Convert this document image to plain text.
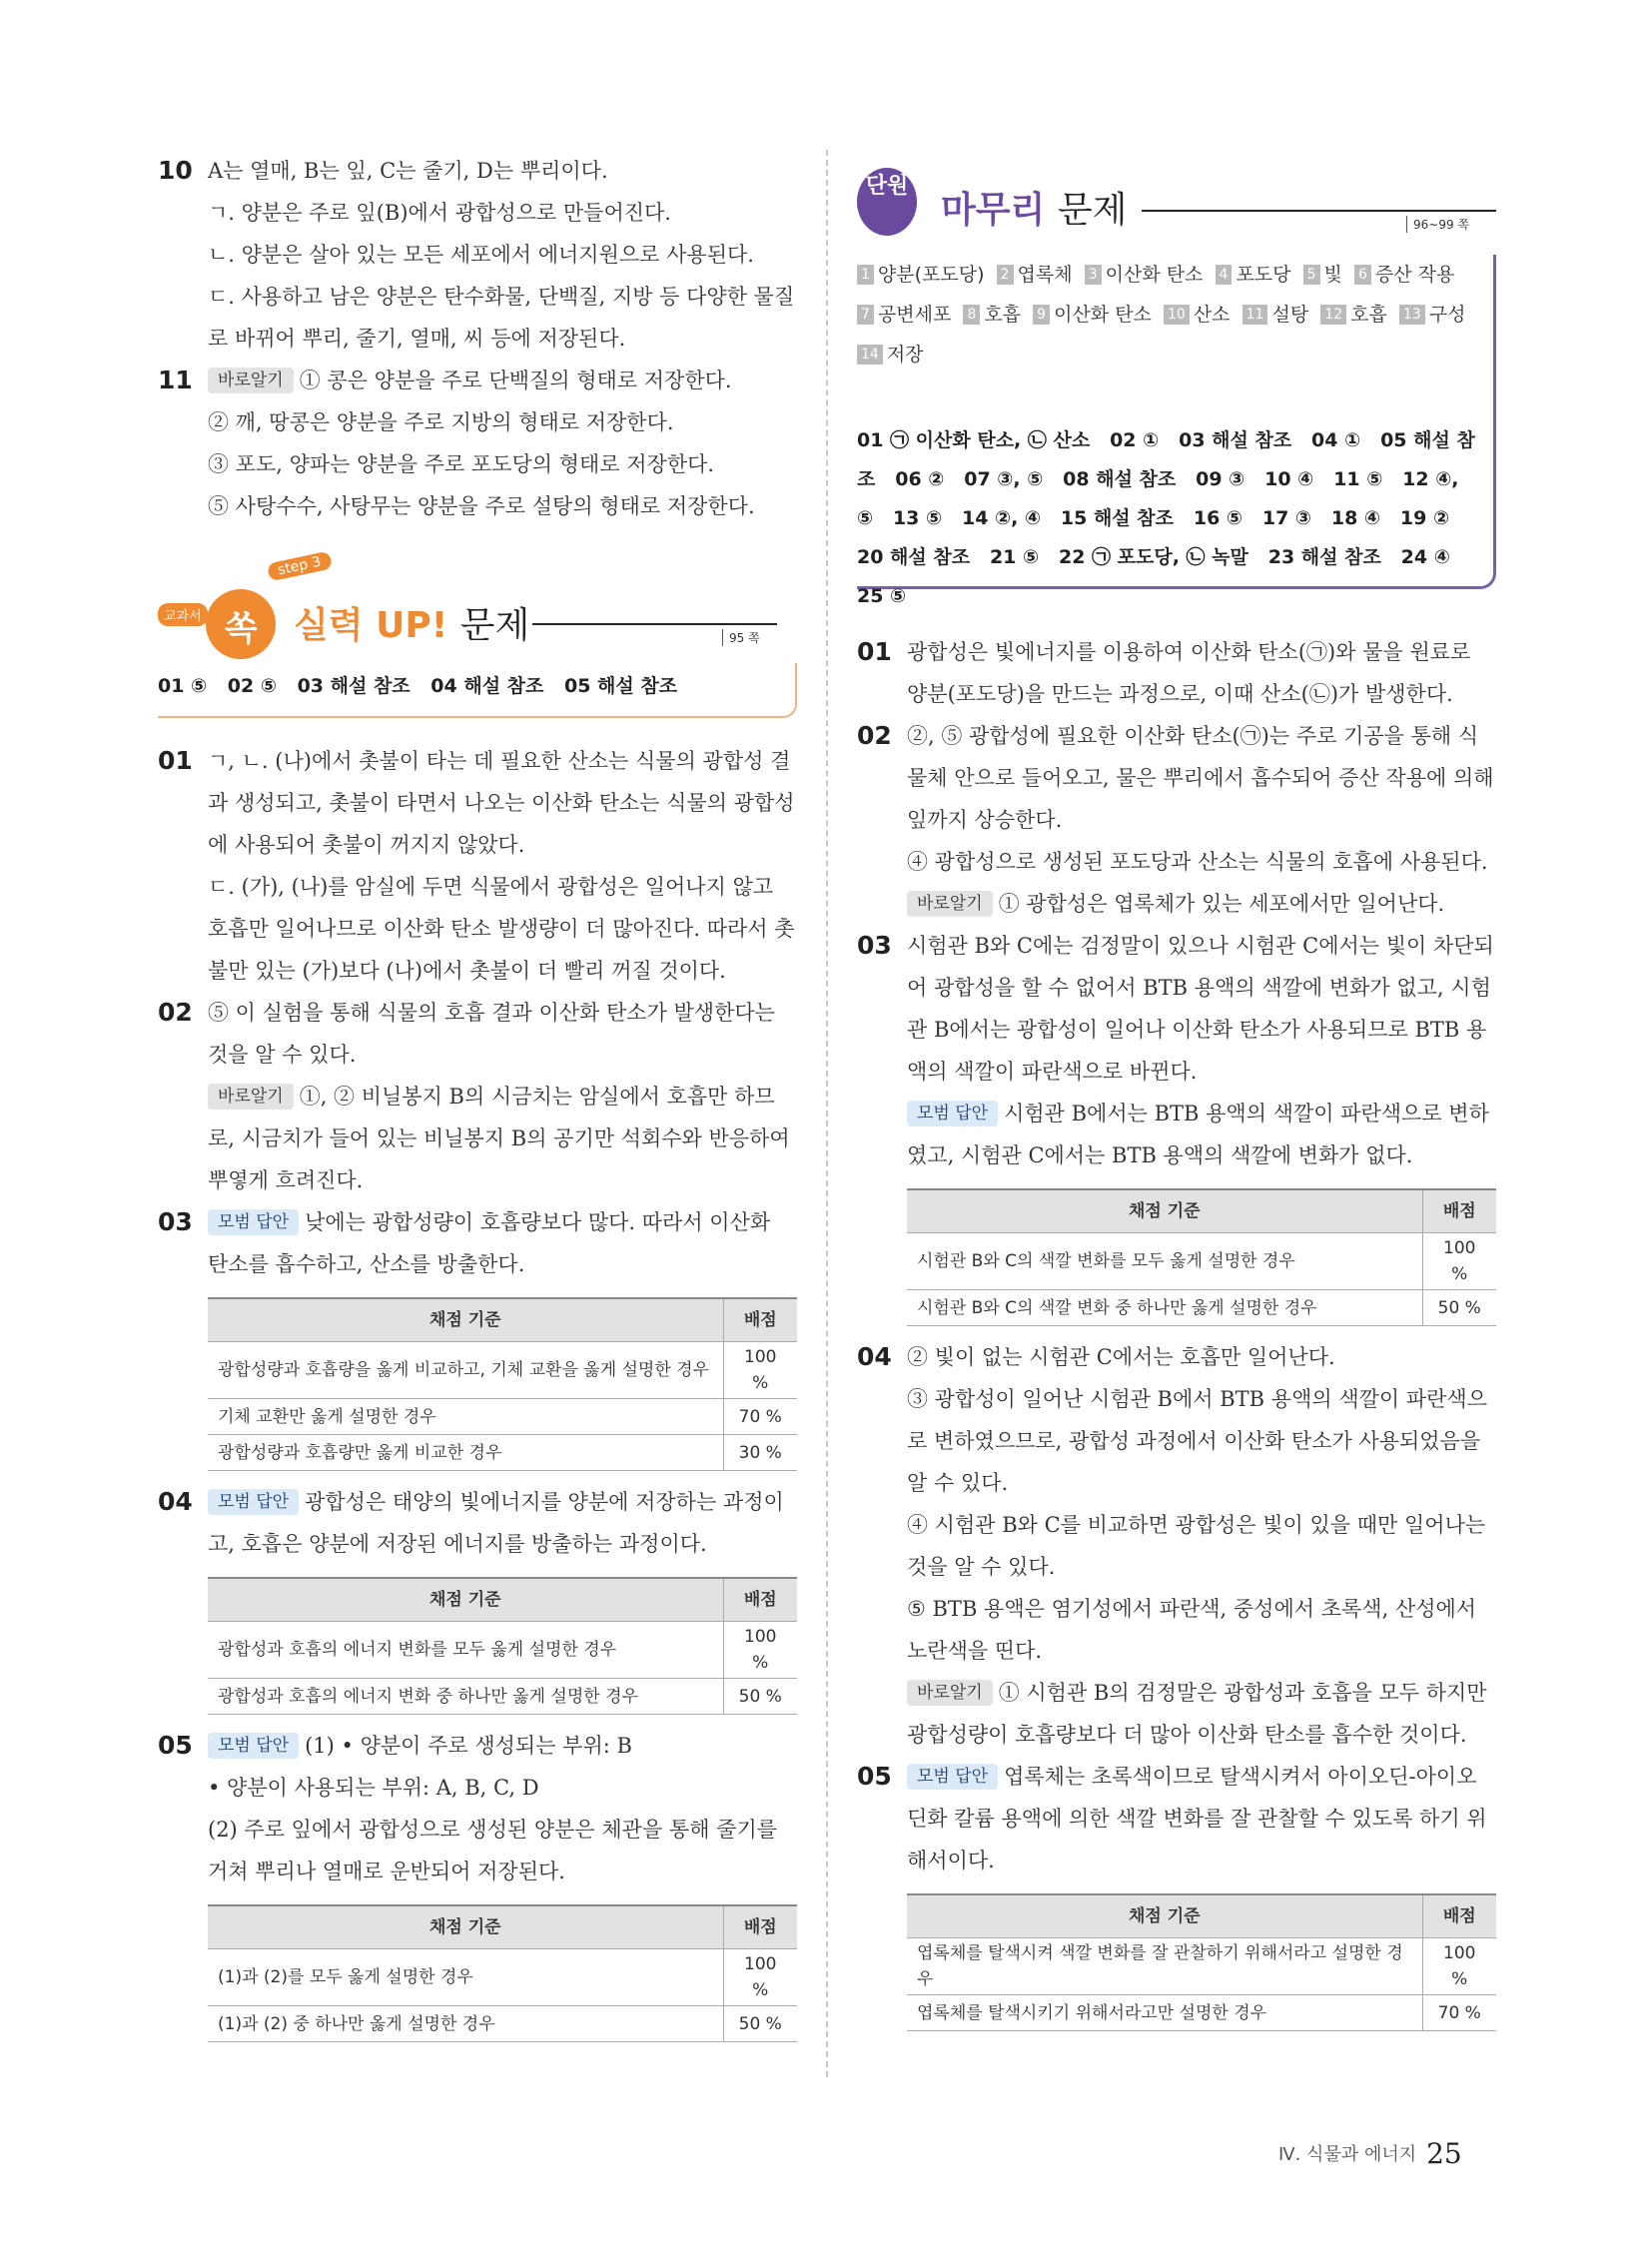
10 A는 열매, B는 잎, C는 줄기, D는 뿌리이다.

ㄱ. 양분은 주로 잎(B)에서 광합성으로 만들어진다.

ㄴ. 양분은 살아 있는 모든 세포에서 에너지원으로 사용된다.

ㄷ. 사용하고 남은 양분은 탄수화물, 단백질, 지방 등 다양한 물질로 바뀌어 뿌리, 줄기, 열매, 씨 등에 저장된다.

11	바로알기 ① 콩은 양분을 주로 단백질의 형태로 저장한다.

② 깨, 땅콩은 양분을 주로 지방의 형태로 저장한다.

③ 포도, 양파는 양분을 주로 포도당의 형태로 저장한다.

⑤ 사탕수수, 사탕무는 양분을 주로 설탕의 형태로 저장한다.

교과서 쏙
step 3
실력 UP! 문제	95 쪽
01 ⑤ 02 ⑤ 03 해설 참조 04 해설 참조 05 해설 참조
01 ㄱ, ㄴ. (나)에서 촛불이 타는 데 필요한 산소는 식물의 광합성 결과 생성되고, 촛불이 타면서 나오는 이산화 탄소는 식물의 광합성에 사용되어 촛불이 꺼지지 않았다.

ㄷ. (가), (나)를 암실에 두면 식물에서 광합성은 일어나지 않고 호흡만 일어나므로 이산화 탄소 발생량이 더 많아진다. 따라서 촛불만 있는 (가)보다 (나)에서 촛불이 더 빨리 꺼질 것이다.

02 ⑤ 이 실험을 통해 식물의 호흡 결과 이산화 탄소가 발생한다는 것을 알 수 있다.

바로알기 ①, ② 비닐봉지 B의 시금치는 암실에서 호흡만 하므로, 시금치가 들어 있는 비닐봉지 B의 공기만 석회수와 반응하여 뿌옇게 흐려진다.

03	모범 답안 낮에는 광합성량이 호흡량보다 많다. 따라서 이산화 탄소를 흡수하고, 산소를 방출한다.

채점 기준	배점
광합성량과 호흡량을 옳게 비교하고, 기체 교환을 옳게 설명한 경우	100 %
기체 교환만 옳게 설명한 경우	70 %
광합성량과 호흡량만 옳게 비교한 경우	30 %
04	모범 답안 광합성은 태양의 빛에너지를 양분에 저장하는 과정이고, 호흡은 양분에 저장된 에너지를 방출하는 과정이다.

채점 기준	배점
광합성과 호흡의 에너지 변화를 모두 옳게 설명한 경우	100 %
광합성과 호흡의 에너지 변화 중 하나만 옳게 설명한 경우	50 %
05	모범 답안 (1) • 양분이 주로 생성되는 부위: B

• 양분이 사용되는 부위: A, B, C, D

(2) 주로 잎에서 광합성으로 생성된 양분은 체관을 통해 줄기를 거쳐 뿌리나 열매로 운반되어 저장된다.

채점 기준	배점
(1)과 (2)를 모두 옳게 설명한 경우	100 %
(1)과 (2) 중 하나만 옳게 설명한 경우	50 %
단원
마무리 문제	96~99 쪽
1 양분(포도당) 2 엽록체 3 이산화 탄소 4 포도당 5 빛 6 증산 작용  7 공변세포 8 호흡 9 이산화 탄소 10 산소 11 설탕 12 호흡 13 구성  14 저장
01 ㉠ 이산화 탄소, ㉡ 산소 02 ① 03 해설 참조 04 ① 05 해설 참조 06 ② 07 ③, ⑤ 08 해설 참조 09 ③ 10 ④ 11 ⑤ 12 ④, ⑤ 13 ⑤ 14 ②, ④ 15 해설 참조 16 ⑤ 17 ③ 18 ④ 19 ②   20 해설 참조 21 ⑤ 22 ㉠ 포도당, ㉡ 녹말 23 해설 참조 24 ④   25 ⑤
01 광합성은 빛에너지를 이용하여 이산화 탄소(㉠)와 물을 원료로 양분(포도당)을 만드는 과정으로, 이때 산소(㉡)가 발생한다.

02 ②, ⑤ 광합성에 필요한 이산화 탄소(㉠)는 주로 기공을 통해 식물체 안으로 들어오고, 물은 뿌리에서 흡수되어 증산 작용에 의해 잎까지 상승한다.

④ 광합성으로 생성된 포도당과 산소는 식물의 호흡에 사용된다.

바로알기 ① 광합성은 엽록체가 있는 세포에서만 일어난다.

03 시험관 B와 C에는 검정말이 있으나 시험관 C에서는 빛이 차단되어 광합성을 할 수 없어서 BTB 용액의 색깔에 변화가 없고, 시험관 B에서는 광합성이 일어나 이산화 탄소가 사용되므로 BTB 용액의 색깔이 파란색으로 바뀐다.

모범 답안 시험관 B에서는 BTB 용액의 색깔이 파란색으로 변하였고, 시험관 C에서는 BTB 용액의 색깔에 변화가 없다.

채점 기준	배점
시험관 B와 C의 색깔 변화를 모두 옳게 설명한 경우	100 %
시험관 B와 C의 색깔 변화 중 하나만 옳게 설명한 경우	50 %
04 ② 빛이 없는 시험관 C에서는 호흡만 일어난다.

③ 광합성이 일어난 시험관 B에서 BTB 용액의 색깔이 파란색으로 변하였으므로, 광합성 과정에서 이산화 탄소가 사용되었음을 알 수 있다.

④ 시험관 B와 C를 비교하면 광합성은 빛이 있을 때만 일어나는 것을 알 수 있다.

⑤ BTB 용액은 염기성에서 파란색, 중성에서 초록색, 산성에서 노란색을 띤다.

바로알기 ① 시험관 B의 검정말은 광합성과 호흡을 모두 하지만 광합성량이 호흡량보다 더 많아 이산화 탄소를 흡수한 것이다.

05	모범 답안 엽록체는 초록색이므로 탈색시켜서 아이오딘-아이오딘화 칼륨 용액에 의한 색깔 변화를 잘 관찰할 수 있도록 하기 위해서이다.

채점 기준	배점
엽록체를 탈색시켜 색깔 변화를 잘 관찰하기 위해서라고 설명한 경우	100 %
엽록체를 탈색시키기 위해서라고만 설명한 경우	70 %
Ⅳ. 식물과 에너지 25
